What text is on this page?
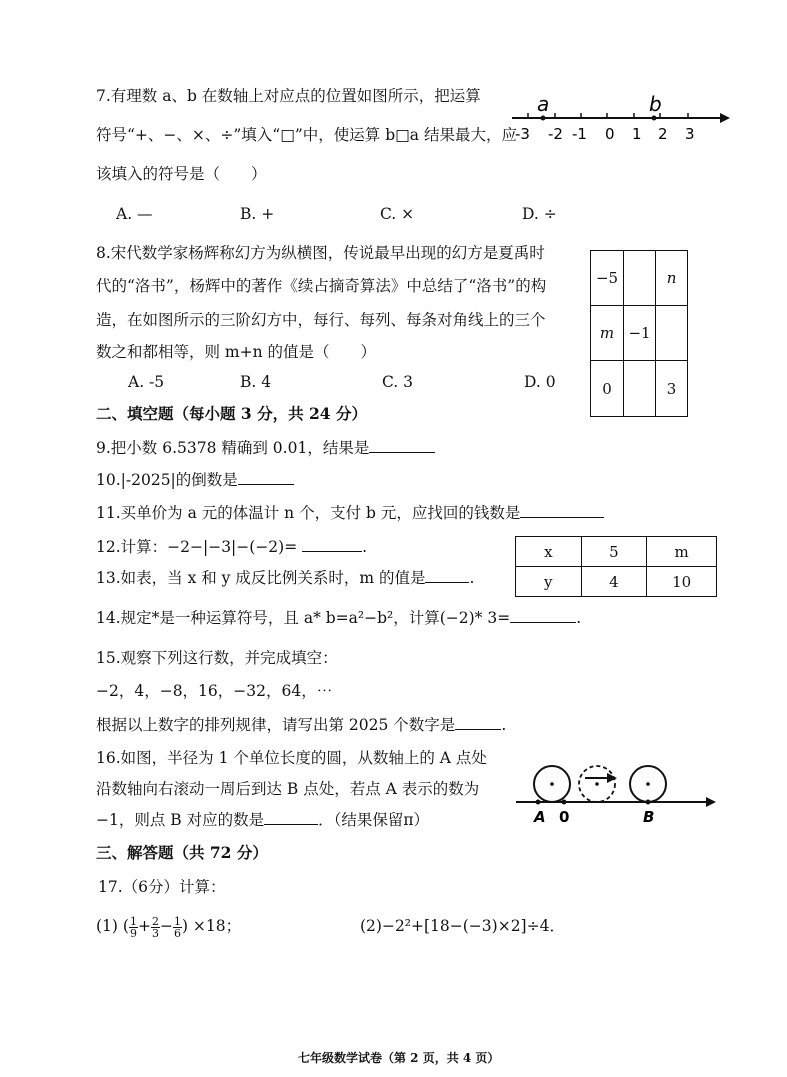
7.有理数 a、b 在数轴上对应点的位置如图所示，把运算
符号“+、−、×、÷”填入“□”中，使运算 b□a 结果最大，应
该填入的符号是（　　）
a	b
-3 -2 -1 0 1 2 3
A. —	B. +	C. ×	D. ÷
8.宋代数学家杨辉称幻方为纵横图，传说最早出现的幻方是夏禹时
代的“洛书”，杨辉中的著作《续占摘奇算法》中总结了“洛书”的构
造，在如图所示的三阶幻方中，每行、每列、每条对角线上的三个
数之和都相等，则 m+n 的值是（　　）
−5		n
m	−1	
0		3
A. -5	B. 4	C. 3	D. 0
二、填空题（每小题 3 分，共 24 分）
9.把小数 6.5378 精确到 0.01，结果是
10.|-2025|的倒数是
11.买单价为 a 元的体温计 n 个，支付 b 元，应找回的钱数是
12.计算：−2−|−3|−(−2)=	.
13.如表，当 x 和 y 成反比例关系时，m 的值是	.
x	5	m
y	4	10
14.规定*是一种运算符号，且 a* b=a²−b²，计算(−2)* 3=	.
15.观察下列这行数，并完成填空：
−2，4，−8，16，−32，64，⋯
根据以上数字的排列规律，请写出第 2025 个数字是	.
16.如图，半径为 1 个单位长度的圆，从数轴上的 A 点处
沿数轴向右滚动一周后到达 B 点处，若点 A 表示的数为
−1，则点 B 对应的数是	．（结果保留π）	A 0	B
三、解答题（共 72 分）
17.（6分）计算：
(1) ( $\frac{1}{9} + \frac{2}{3} - \frac{1}{6}$ ) ×18；	(2)−2²+[18−(−3)×2]÷4．
七年级数学试卷（第 2 页，共 4 页）
